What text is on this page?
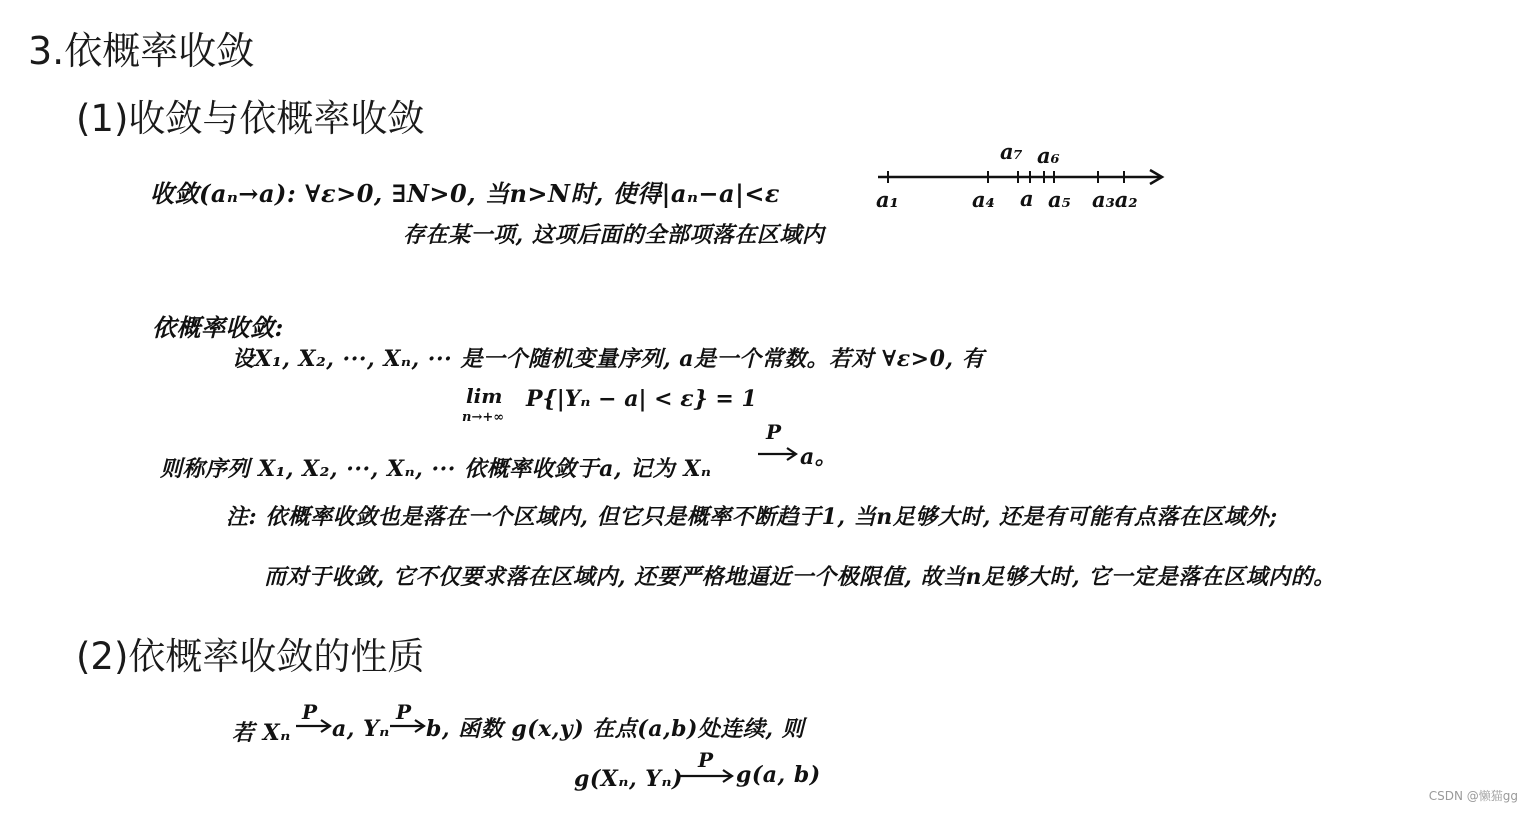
3.依概率收敛
(1)收敛与依概率收敛
收敛(aₙ→a): ∀ε>0, ∃N>0, 当n>N时, 使得|aₙ−a|<ε
存在某一项, 这项后面的全部项落在区域内
a₇ a₆
a₁	a₄ a a₅ a₃a₂
依概率收敛:
设X₁, X₂, ···, Xₙ, ··· 是一个随机变量序列, a是一个常数。若对 ∀ε>0, 有
lim
n→+∞
P{|Yₙ − a| < ε} = 1
则称序列 X₁, X₂, ···, Xₙ, ··· 依概率收敛于a, 记为 Xₙ
P
a。
注: 依概率收敛也是落在一个区域内, 但它只是概率不断趋于1, 当n足够大时, 还是有可能有点落在区域外;
而对于收敛, 它不仅要求落在区域内, 还要严格地逼近一个极限值, 故当n足够大时, 它一定是落在区域内的。
(2)依概率收敛的性质
若 Xₙ
P
a, Yₙ
P
b, 函数 g(x,y) 在点(a,b)处连续, 则
g(Xₙ, Yₙ)
P
g(a, b)
CSDN @懒猫gg
